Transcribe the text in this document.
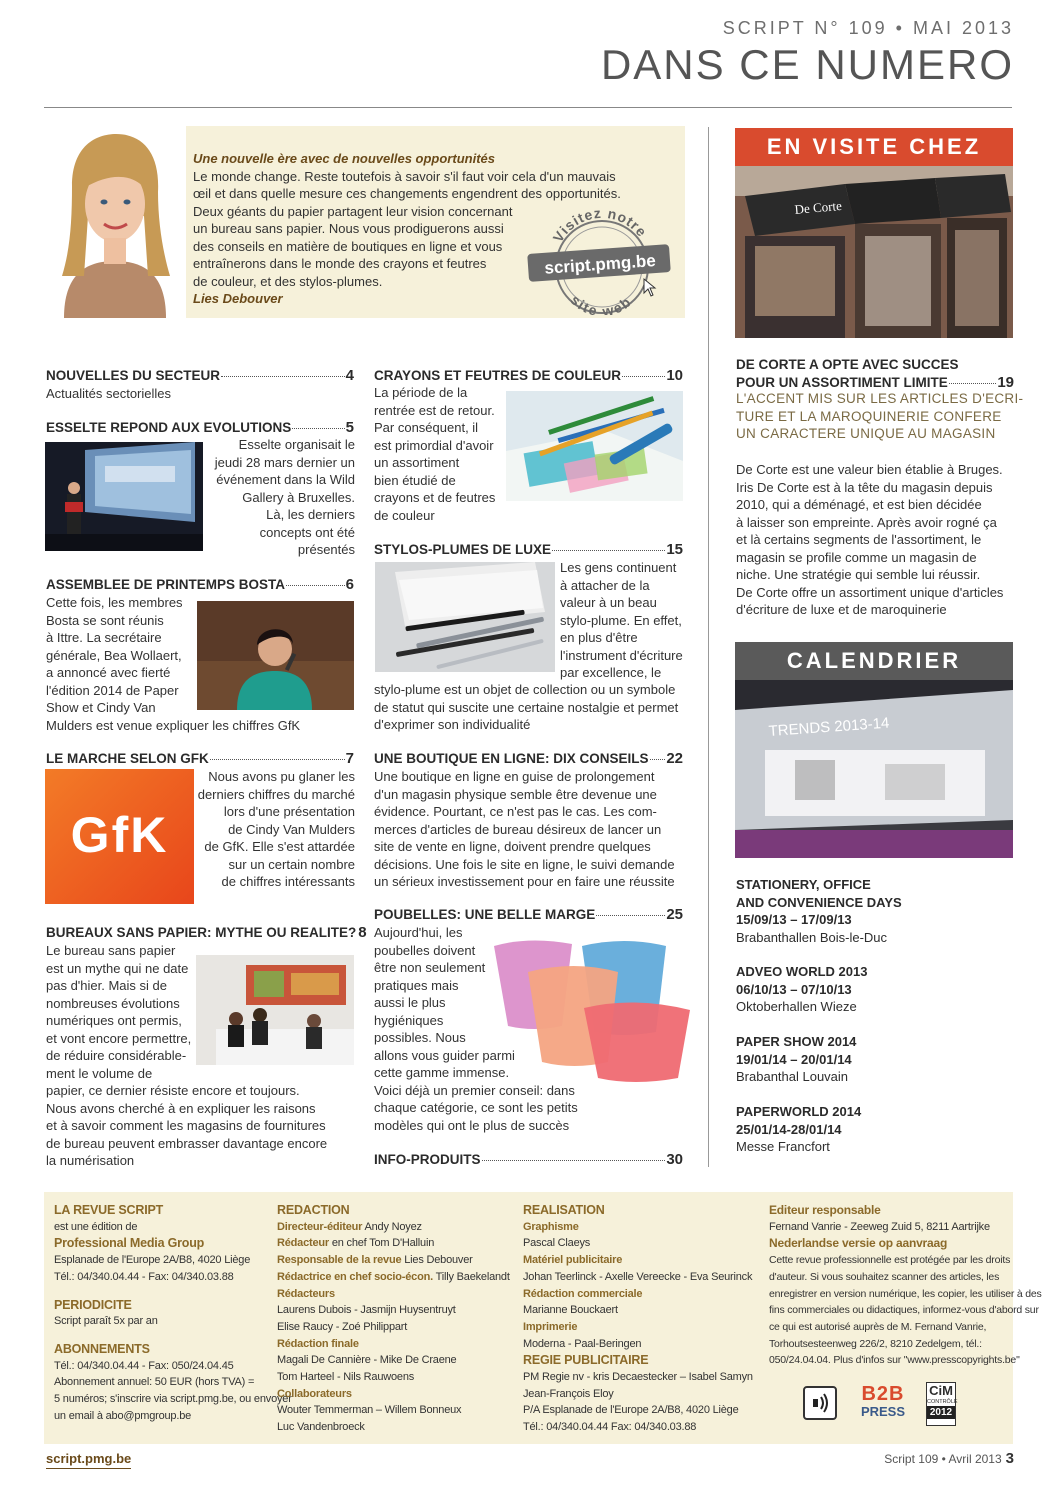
SCRIPT N° 109 • MAI 2013
DANS CE NUMERO
Une nouvelle ère avec de nouvelles opportunités
Le monde change. Reste toutefois à savoir s'il faut voir cela d'un mauvais
œil et dans quelle mesure ces changements engendrent des opportunités.
Deux géants du papier partagent leur vision concernant
un bureau sans papier. Nous vous prodiguerons aussi
des conseils en matière de boutiques en ligne et vous
entraînerons dans le monde des crayons et feutres
de couleur, et des stylos-plumes.
Lies Debouver
Visitez notre
site web
script.pmg.be
NOUVELLES DU SECTEUR	4
Actualités sectorielles
ESSELTE REPOND AUX EVOLUTIONS	5
Esselte organisait le
jeudi 28 mars dernier un
événement dans la Wild
Gallery à Bruxelles.
Là, les derniers
concepts ont été
présentés
ASSEMBLEE DE PRINTEMPS BOSTA	6
Cette fois, les membres
Bosta se sont réunis
à Ittre. La secrétaire
générale, Bea Wollaert,
a annoncé avec fierté
l'édition 2014 de Paper
Show et Cindy Van
Mulders est venue expliquer les chiffres GfK
LE MARCHE SELON GFK	7
GfK
Nous avons pu glaner les
derniers chiffres du marché
lors d'une présentation
de Cindy Van Mulders
de GfK. Elle s'est attardée
sur un certain nombre
de chiffres intéressants
BUREAUX SANS PAPIER: MYTHE OU REALITE? 8
Le bureau sans papier
est un mythe qui ne date
pas d'hier. Mais si de
nombreuses évolutions
numériques ont permis,
et vont encore permettre,
de réduire considérable-
ment le volume de
papier, ce dernier résiste encore et toujours.
Nous avons cherché à en expliquer les raisons
et à savoir comment les magasins de fournitures
de bureau peuvent embrasser davantage encore
la numérisation
CRAYONS ET FEUTRES DE COULEUR	10
La période de la
rentrée est de retour.
Par conséquent, il
est primordial d'avoir
un assortiment
bien étudié de
crayons et de feutres
de couleur
STYLOS-PLUMES DE LUXE	15
Les gens continuent
à attacher de la
valeur à un beau
stylo-plume. En effet,
en plus d'être
l'instrument d'écriture
par excellence, le
stylo-plume est un objet de collection ou un symbole
de statut qui suscite une certaine nostalgie et permet
d'exprimer son individualité
UNE BOUTIQUE EN LIGNE: DIX CONSEILS 22
Une boutique en ligne en guise de prolongement
d'un magasin physique semble être devenue une
évidence. Pourtant, ce n'est pas le cas. Les com-
merces d'articles de bureau désireux de lancer un
site de vente en ligne, doivent prendre quelques
décisions. Une fois le site en ligne, le suivi demande
un sérieux investissement pour en faire une réussite
POUBELLES: UNE BELLE MARGE	25
Aujourd'hui, les
poubelles doivent
être non seulement
pratiques mais
aussi le plus
hygiéniques
possibles. Nous
allons vous guider parmi
cette gamme immense.
Voici déjà un premier conseil: dans
chaque catégorie, ce sont les petits
modèles qui ont le plus de succès
INFO-PRODUITS	30
EN VISITE CHEZ
De Corte
DE CORTE A OPTE AVEC SUCCES
POUR UN ASSORTIMENT LIMITE	19
L'ACCENT MIS SUR LES ARTICLES D'ECRI-
TURE ET LA MAROQUINERIE CONFERE
UN CARACTERE UNIQUE AU MAGASIN
De Corte est une valeur bien établie à Bruges.
Iris De Corte est à la tête du magasin depuis
2010, qui a déménagé, et est bien décidée
à laisser son empreinte. Après avoir rogné ça
et là certains segments de l'assortiment, le
magasin se profile comme un magasin de
niche. Une stratégie qui semble lui réussir.
De Corte offre un assortiment unique d'articles
d'écriture de luxe et de maroquinerie
CALENDRIER
TRENDS 2013-14
STATIONERY, OFFICE
AND CONVENIENCE DAYS
15/09/13 – 17/09/13
Brabanthallen Bois-le-Duc
ADVEO WORLD 2013
06/10/13 – 07/10/13
Oktoberhallen Wieze
PAPER SHOW 2014
19/01/14 – 20/01/14
Brabanthal Louvain
PAPERWORLD 2014
25/01/14-28/01/14
Messe Francfort
LA REVUE SCRIPT
est une édition de
Professional Media Group
Esplanade de l'Europe 2A/B8, 4020 Liège
Tél.: 04/340.04.44 - Fax: 04/340.03.88
PERIODICITE
Script paraît 5x par an
ABONNEMENTS
Tél.: 04/340.04.44 - Fax: 050/24.04.45
Abonnement annuel: 50 EUR (hors TVA) =
5 numéros; s'inscrire via script.pmg.be, ou envoyer
un email à abo@pmgroup.be
REDACTION
Directeur-éditeur Andy Noyez
Rédacteur en chef Tom D'Halluin
Responsable de la revue Lies Debouver
Rédactrice en chef socio-écon. Tilly Baekelandt
Rédacteurs
Laurens Dubois - Jasmijn Huysentruyt
Elise Raucy - Zoé Philippart
Rédaction finale
Magali De Cannière - Mike De Craene
Tom Harteel - Nils Rauwoens
Collaborateurs
Wouter Temmerman – Willem Bonneux
Luc Vandenbroeck
REALISATION
Graphisme
Pascal Claeys
Matériel publicitaire
Johan Teerlinck - Axelle Vereecke - Eva Seurinck
Rédaction commerciale
Marianne Bouckaert
Imprimerie
Moderna - Paal-Beringen
REGIE PUBLICITAIRE
PM Regie nv - kris Decaestecker – Isabel Samyn
Jean-François Eloy
P/A Esplanade de l'Europe 2A/B8, 4020 Liège
Tél.: 04/340.04.44 Fax: 04/340.03.88
Editeur responsable
Fernand Vanrie - Zeeweg Zuid 5, 8211 Aartrijke
Nederlandse versie op aanvraag
Cette revue professionnelle est protégée par les droits
d'auteur. Si vous souhaitez scanner des articles, les
enregistrer en version numérique, les copier, les utiliser à des
fins commerciales ou didactiques, informez-vous d'abord sur
ce qui est autorisé auprès de M. Fernand Vanrie,
Torhoutsesteenweg 226/2, 8210 Zedelgem, tél.:
050/24.04.04. Plus d'infos sur "www.presscopyrights.be"
B2B
PRESS
CiM
CONTRÔLE
2012
script.pmg.be	Script 109 • Avril 2013 3
